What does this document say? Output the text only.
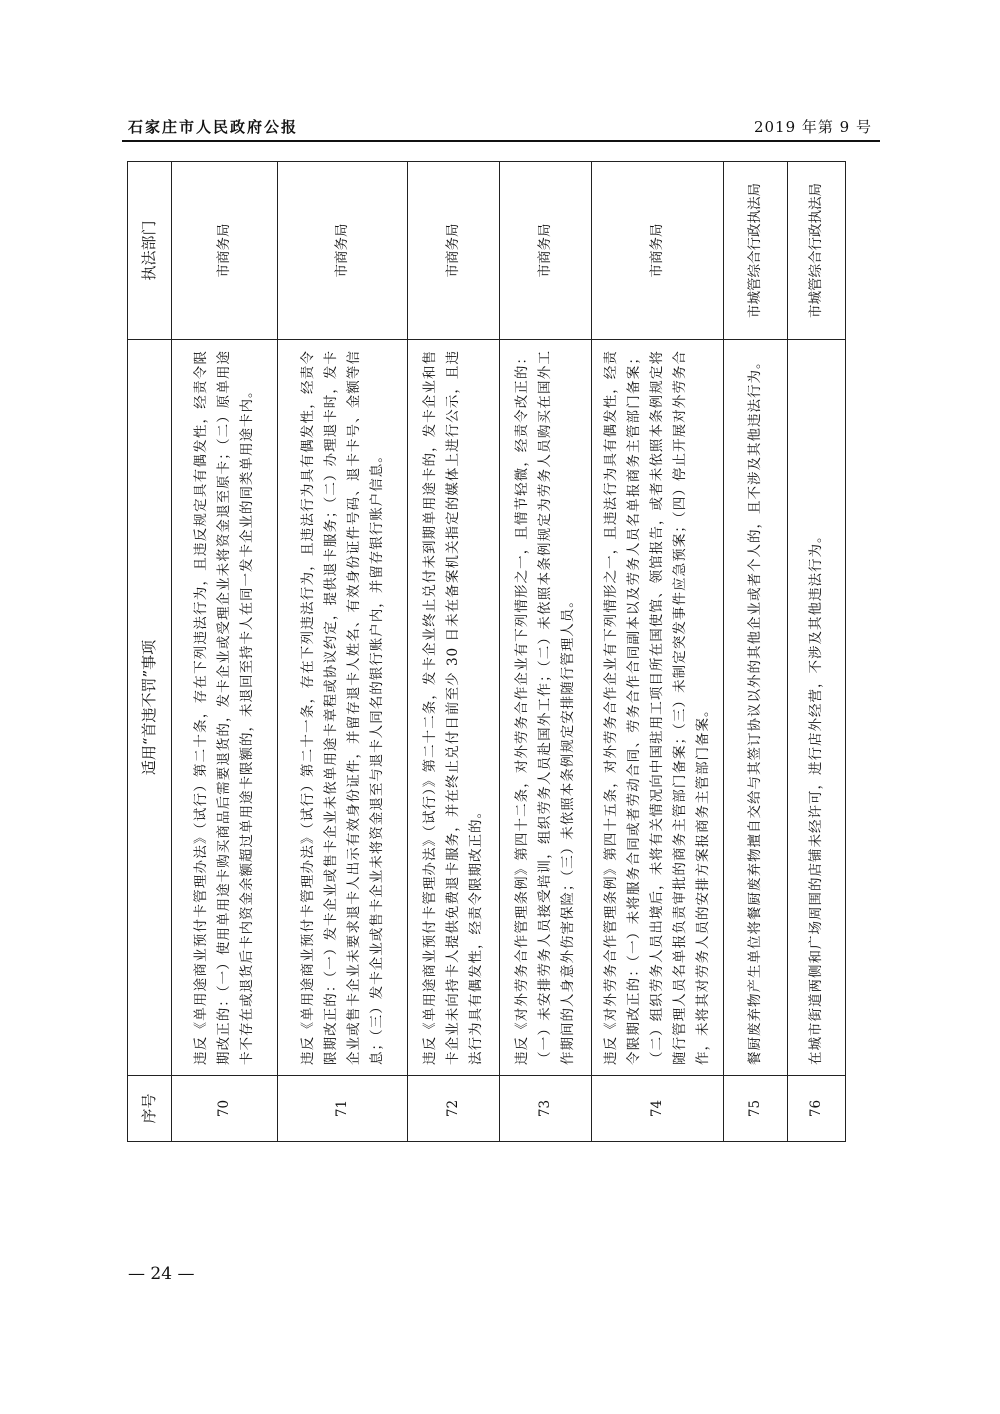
石家庄市人民政府公报	2019 年第 9 号
序号	适用“首违不罚”事项	执法部门
70	违反《单用途商业预付卡管理办法》（试行）第二十条，存在下列违法行为，且违反规定具有偶发性，经责令限期改正的：（一）使用单用途卡购买商品后需要退货的，发卡企业或受理企业未将资金退至原卡；（二）原单用途卡不存在或退货后卡内资金余额超过单用途卡限额的，未退回至持卡人在同一发卡企业的同类单用途卡内。	市商务局
71	违反《单用途商业预付卡管理办法》（试行）第二十一条，存在下列违法行为，且违法行为具有偶发性，经责令限期改正的：（一）发卡企业或售卡企业未依单用途卡章程或协议约定，提供退卡服务；（二）办理退卡时，发卡企业或售卡企业未要求退卡人出示有效身份证件，并留存退卡人姓名、有效身份证件号码、退卡卡号、金额等信息；（三）发卡企业或售卡企业未将资金退至与退卡人同名的银行账户内，并留存银行账户信息。	市商务局
72	违反《单用途商业预付卡管理办法》（试行）》第二十二条，发卡企业终止兑付未到期单用途卡的，发卡企业和售卡企业未向持卡人提供免费退卡服务，并在终止兑付日前至少 30 日未在备案机关指定的媒体上进行公示，且违法行为具有偶发性，经责令限期改正的。	市商务局
73	违反《对外劳务合作管理条例》第四十二条，对外劳务合作企业有下列情形之一，且情节轻微，经责令改正的：（一）未安排劳务人员接受培训，组织劳务人员赴国外工作；（二）未依照本条例规定为劳务人员购买在国外工作期间的人身意外伤害保险；（三）未依照本条例规定安排随行管理人员。	市商务局
74	违反《对外劳务合作管理条例》第四十五条，对外劳务合作企业有下列情形之一，且违法行为具有偶发性，经责令限期改正的：（一）未将服务合同或者劳动合同、劳务合作合同副本以及劳务人员名单报商务主管部门备案；（二）组织劳务人员出境后，未将有关情况向中国驻用工项目所在国使馆、领馆报告，或者未依照本条例规定将随行管理人员名单报负责审批的商务主管部门备案；（三）未制定突发事件应急预案；（四）停止开展对外劳务合作，未将其对劳务人员的安排方案报商务主管部门备案。	市商务局
75	餐厨废弃物产生单位将餐厨废弃物擅自交给与其签订协议以外的其他企业或者个人的，且不涉及其他违法行为。	市城管综合行政执法局
76	在城市街道两侧和广场周围的店铺未经许可，进行店外经营，不涉及其他违法行为。	市城管综合行政执法局
— 24 —
